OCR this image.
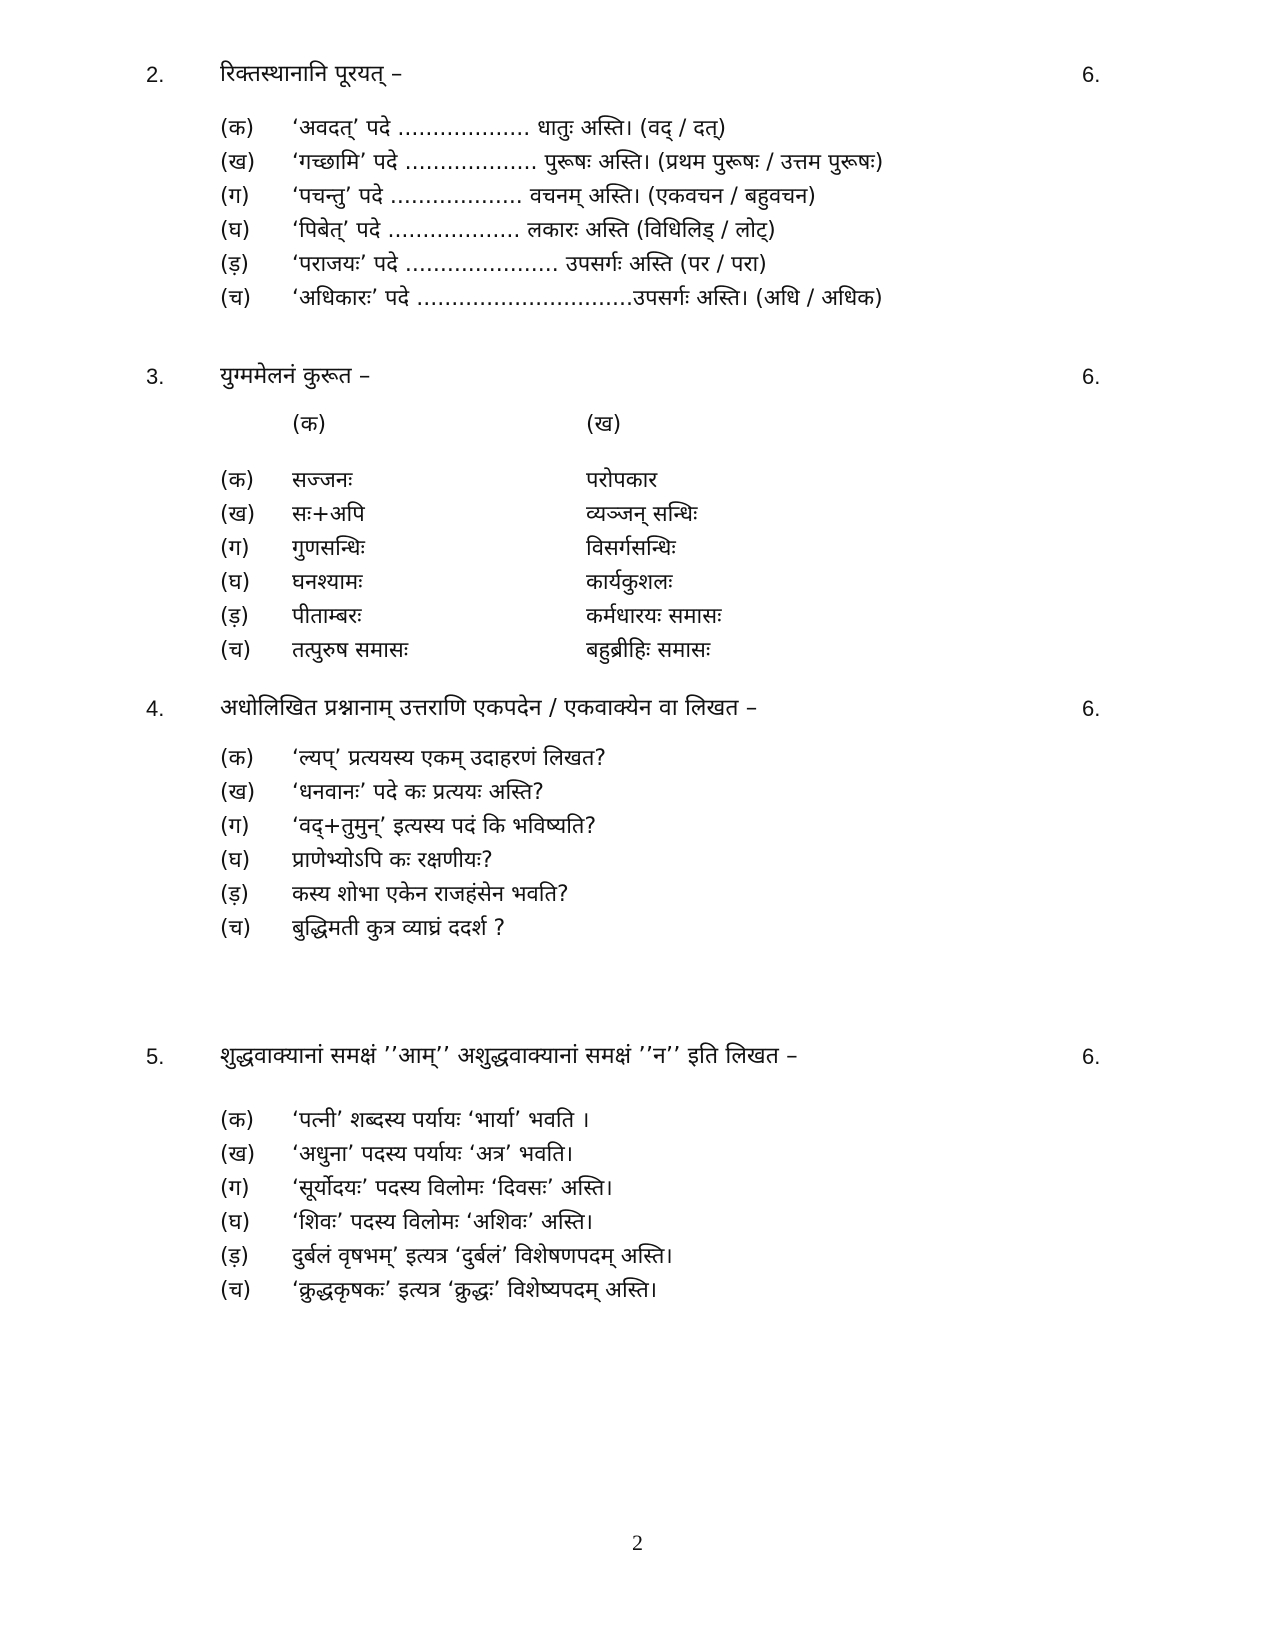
2. रिक्तस्थानानि पूरयत् –	6.
(क) ‘अवदत्’ पदे ................... धातुः अस्ति। (वद् / दत्)
(ख) ‘गच्छामि’ पदे ................... पुरूषः अस्ति। (प्रथम पुरूषः / उत्तम पुरूषः)
(ग) ‘पचन्तु’ पदे ................... वचनम् अस्ति। (एकवचन / बहुवचन)
(घ) ‘पिबेत्’ पदे ................... लकारः अस्ति (विधिलिड् / लोट्)
(ड़) ‘पराजयः’ पदे ...................... उपसर्गः अस्ति (पर / परा)
(च) ‘अधिकारः’ पदे ...............................उपसर्गः अस्ति। (अधि / अधिक)
3. युग्ममेलनं कुरूत –	6.
(क)	(ख)
(क) सज्जनः	परोपकार
(ख) सः+अपि	व्यञ्जन् सन्धिः
(ग) गुणसन्धिः	विसर्गसन्धिः
(घ) घनश्यामः	कार्यकुशलः
(ड़) पीताम्बरः	कर्मधारयः समासः
(च) तत्पुरुष समासः	बहुब्रीहिः समासः
4. अधोलिखित प्रश्नानाम् उत्तराणि एकपदेन / एकवाक्येन वा लिखत –	6.
(क) ‘ल्यप्’ प्रत्ययस्य एकम् उदाहरणं लिखत?
(ख) ‘धनवानः’ पदे कः प्रत्ययः अस्ति?
(ग) ‘वद्+तुमुन्’ इत्यस्य पदं कि भविष्यति?
(घ) प्राणेभ्योऽपि कः रक्षणीयः?
(ड़) कस्य शोभा एकेन राजहंसेन भवति?
(च) बुद्धिमती कुत्र व्याघ्रं ददर्श ?
5. शुद्धवाक्यानां समक्षं ’’आम्’’ अशुद्धवाक्यानां समक्षं ’’न’’ इति लिखत –	6.
(क) ‘पत्नी’ शब्दस्य पर्यायः ‘भार्या’ भवति ।
(ख) ‘अधुना’ पदस्य पर्यायः ‘अत्र’ भवति।
(ग) ‘सूर्योदयः’ पदस्य विलोमः ‘दिवसः’ अस्ति।
(घ) ‘शिवः’ पदस्य विलोमः ‘अशिवः’ अस्ति।
(ड़) दुर्बलं वृषभम्’ इत्यत्र ‘दुर्बलं’ विशेषणपदम् अस्ति।
(च) ‘क्रुद्धकृषकः’ इत्यत्र ‘क्रुद्धः’ विशेष्यपदम् अस्ति।
2
